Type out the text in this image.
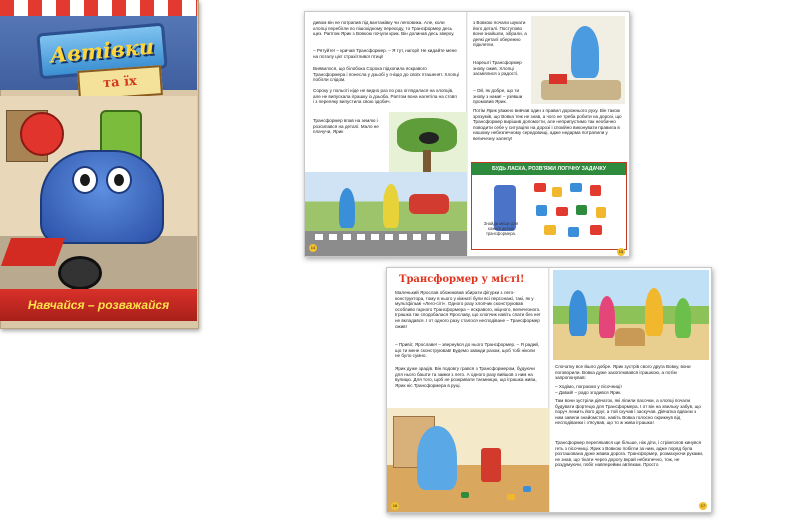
Автівки
та їх
Навчайся – розважайся
дивом він не потрапив під вантажівку чи легковика. Але, коли хлопці перебігли по пішохідному переходу, то Трансформер десь щез. Раптом Ярик з Вовкою почули крик. Він долинав десь зверху.
– Рятуйте! – кричав Трансформер. – Я тут, нагорі! Не кидайте мене на поталу цієї страхітливої птиці!
Виявилося, що білобока Сорока підхопила яскравого Трансформера і понесла у дзьобі у гніздо до своїх пташенят. Хлопці побігли слідом.
Сороку у польоті ніде не видно раз по раз оглядалася на хлопців, але не випускала іграшку із дзьоба. Раптом вона налетіла на стовп і з переляку випустила свою здобич.
Трансформер впав на землю і розсипався на деталі. Мало не плачучи, Ярик
14
з Вовкою почали шукати його деталі. Поступово вони знайшли, зібрали, а деякі деталі обережно підклеїли.
Нарешті Трансформер знову ожив. Хлопці засміялися з радості.
– Ой, як добре, що ти знову з нами! – узявши промовив Ярик.
Потім Ярик уважно вивчав один з правил дорожнього руху. Він також зрозумів, що Вовка теж не знав, а чого не треба робити на дорозі, що Трансформер вирішив допомогти, але неприпустимо так необачно поводити себе у ситуаціях на дорозі і спокійно виконувати правила в нашому небезпечному середовищі, адже недарма потрапили у величезну халепу!
БУДЬ ЛАСКА, РОЗВ'ЯЖИ ЛОГІЧНУ ЗАДАЧКУ
Знайди місце для кожної деталі трансформера.
15
Трансформер у місті!
Маленький Ярослав обожнював збирати фігурки з лего-конструктора, тому в нього у кімнаті були всі персонажі, такі, як у мультфільмі «Лего-сіті». Одного разу хлопчик сконструював особливо гарного Трансформера – яскравого, міцного, величезного. Іграшка так сподобалася Ярославу, що хлопчик навіть спати без неї не вкладався. І от одного разу сталося несподіване – Трансформер ожив!
– Привіт, Ярославе! – звернувся до нього Трансформер. – Я радий, що ти мене сконструював! Будемо завжди разом, щоб тобі ніколи не було сумно.
Ярик дуже зрадів. Він подовгу грався з Трансформером, будуючи для нього башти та замки з лего. А одного разу вийшов з ним на вулицю. Для того, щоб не розкривати таємницю, що іграшка жива, Ярик ніс Трансформера в руці.
16
Спочатку все йшло добре. Ярик зустрів свого друга Вовку, вони поговорили. Вовка дуже захоплювався іграшкою, а потім запропонував:
– Ходімо, пограємо у пісочниці!
– Давай! – радо згодився Ярик.
Там вони зустріли дівчаток, які ліпили пасочки, а хлопці почали будувати фортецю для Трансформера. І от він на хвильку забув, що поруч лежить його друг, а той скучав і заскучав. Дівчатка вдвоєм з ним завели знайомство, навіть Вовка голосно скрикнув від несподіванки і з'ясував, що то ж жива іграшка!
Трансформер перелякався ще більше, ніж діти, і стрімголов кинувся геть з пісочниці. Ярик з Вовкою побігли за ним, адже поряд була розташована дуже жвава дорога. Трансформер, розмахуючи руками, не знав, що тікати через дорогу вкрай небезпечно, тож, не роздумуючи, побіг навперейми автівкам. Просто
17
